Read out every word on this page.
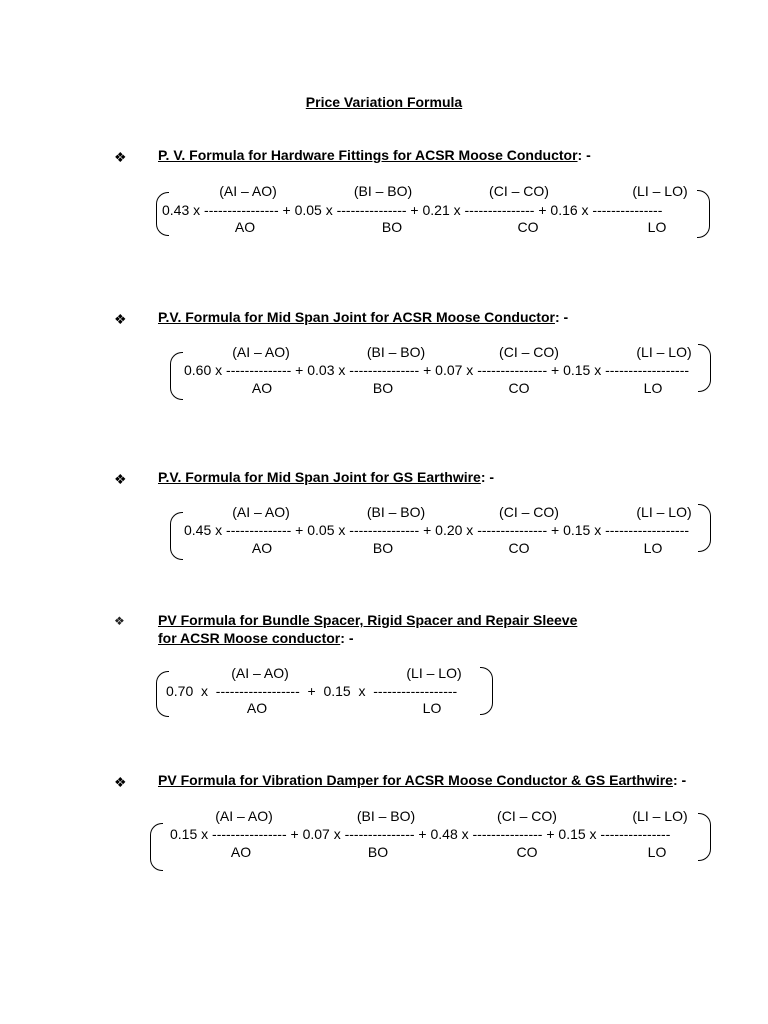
Price Variation Formula
❖ P. V. Formula for Hardware Fittings for ACSR Moose Conductor: -
(AI – AO)	(BI – BO)	(CI – CO)	(LI – LO)
0.43 x ---------------- + 0.05 x --------------- + 0.21 x --------------- + 0.16 x ---------------
AO	BO	CO	LO
❖ P.V. Formula for Mid Span Joint for ACSR Moose Conductor: -
(AI – AO)	(BI – BO)	(CI – CO)	(LI – LO)
0.60 x -------------- + 0.03 x --------------- + 0.07 x --------------- + 0.15 x ------------------
AO	BO	CO	LO
❖ P.V. Formula for Mid Span Joint for GS Earthwire: -
(AI – AO)	(BI – BO)	(CI – CO)	(LI – LO)
0.45 x -------------- + 0.05 x --------------- + 0.20 x --------------- + 0.15 x ------------------
AO	BO	CO	LO
❖ PV Formula for Bundle Spacer, Rigid Spacer and Repair Sleeve
for ACSR Moose conductor: -
(AI – AO)	(LI – LO)
0.70  x  ------------------  +  0.15  x  ------------------
AO	LO
❖ PV Formula for Vibration Damper for ACSR Moose Conductor & GS Earthwire: -
(AI – AO)	(BI – BO)	(CI – CO)	(LI – LO)
0.15 x ---------------- + 0.07 x --------------- + 0.48 x --------------- + 0.15 x ---------------
AO	BO	CO	LO
